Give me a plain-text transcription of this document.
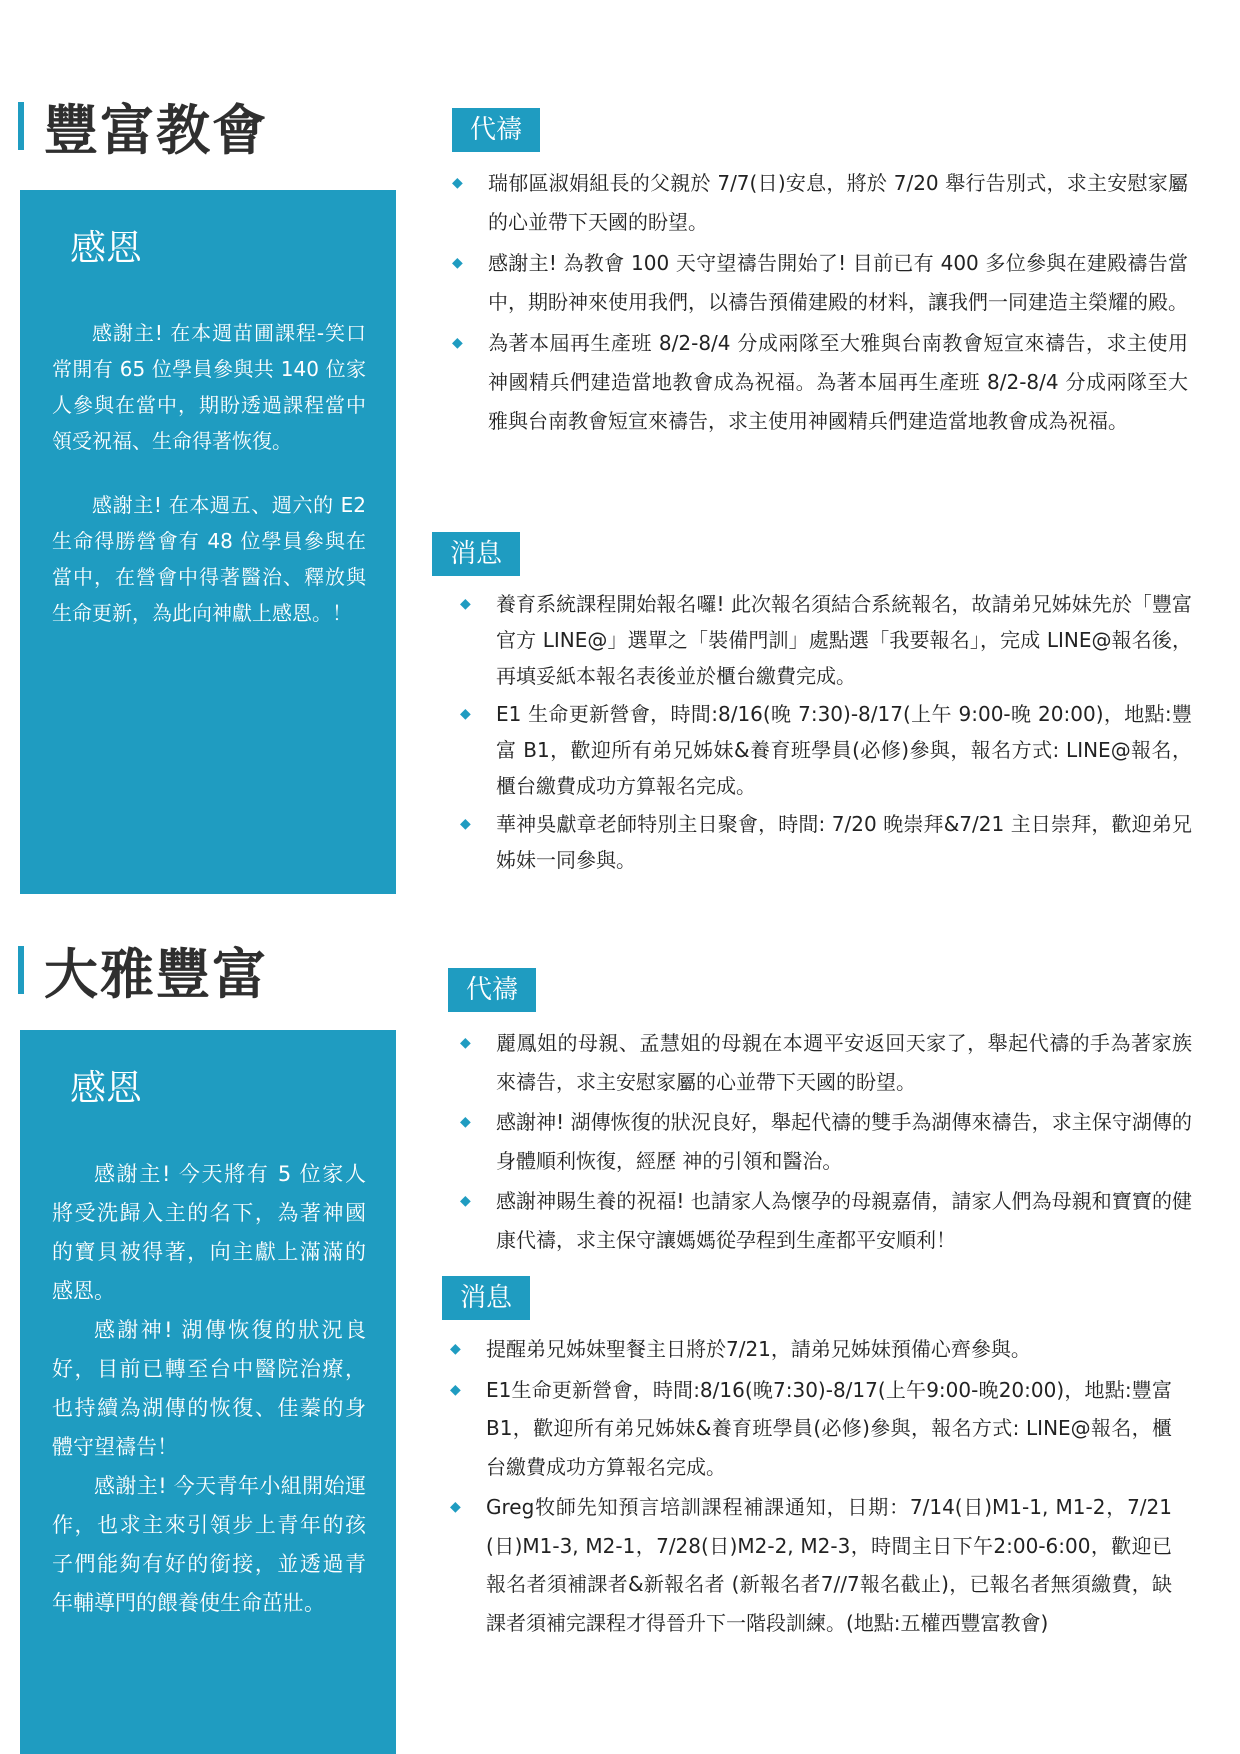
豐富教會
感恩

感謝主! 在本週苗圃課程-笑口常開有 65 位學員參與共 140 位家人參與在當中，期盼透過課程當中領受祝福、生命得著恢復。

感謝主! 在本週五、週六的 E2 生命得勝營會有 48 位學員參與在當中，在營會中得著醫治、釋放與生命更新，為此向神獻上感恩。！

代禱
◆ 瑞郁區淑娟組長的父親於 7/7(日)安息，將於 7/20 舉行告別式，求主安慰家屬的心並帶下天國的盼望。
◆ 感謝主! 為教會 100 天守望禱告開始了! 目前已有 400 多位參與在建殿禱告當中，期盼神來使用我們，以禱告預備建殿的材料，讓我們一同建造主榮耀的殿。
◆ 為著本屆再生產班 8/2-8/4 分成兩隊至大雅與台南教會短宣來禱告，求主使用神國精兵們建造當地教會成為祝福。為著本屆再生產班 8/2-8/4 分成兩隊至大雅與台南教會短宣來禱告，求主使用神國精兵們建造當地教會成為祝福。
消息
◆ 養育系統課程開始報名囉! 此次報名須結合系統報名，故請弟兄姊妹先於「豐富官方 LINE@」選單之「裝備門訓」處點選「我要報名」，完成 LINE@報名後，再填妥紙本報名表後並於櫃台繳費完成。
◆ E1 生命更新營會，時間:8/16(晚 7:30)-8/17(上午 9:00-晚 20:00)，地點:豐富 B1，歡迎所有弟兄姊妹&養育班學員(必修)參與，報名方式: LINE@報名，櫃台繳費成功方算報名完成。
◆ 華神吳獻章老師特別主日聚會，時間: 7/20 晚崇拜&7/21 主日崇拜，歡迎弟兄姊妹一同參與。
大雅豐富
感恩

感謝主! 今天將有 5 位家人將受洗歸入主的名下，為著神國的寶貝被得著，向主獻上滿滿的感恩。

感謝神! 湖傳恢復的狀況良好，目前已轉至台中醫院治療，也持續為湖傳的恢復、佳蓁的身體守望禱告！

感謝主! 今天青年小組開始運作，也求主來引領步上青年的孩子們能夠有好的銜接，並透過青年輔導門的餵養使生命茁壯。

代禱
◆ 麗鳳姐的母親、孟慧姐的母親在本週平安返回天家了，舉起代禱的手為著家族來禱告，求主安慰家屬的心並帶下天國的盼望。
◆ 感謝神! 湖傳恢復的狀況良好，舉起代禱的雙手為湖傳來禱告，求主保守湖傳的身體順利恢復，經歷 神的引領和醫治。
◆ 感謝神賜生養的祝福! 也請家人為懷孕的母親嘉倩，請家人們為母親和寶寶的健康代禱，求主保守讓媽媽從孕程到生產都平安順利！
消息
◆ 提醒弟兄姊妹聖餐主日將於7/21，請弟兄姊妹預備心齊參與。
◆ E1生命更新營會，時間:8/16(晚7:30)-8/17(上午9:00-晚20:00)，地點:豐富B1，歡迎所有弟兄姊妹&養育班學員(必修)參與，報名方式: LINE@報名，櫃台繳費成功方算報名完成。
◆ Greg牧師先知預言培訓課程補課通知，日期：7/14(日)M1-1, M1-2，7/21(日)M1-3, M2-1，7/28(日)M2-2, M2-3，時間主日下午2:00-6:00，歡迎已報名者須補課者&新報名者 (新報名者7//7報名截止)，已報名者無須繳費，缺課者須補完課程才得晉升下一階段訓練。(地點:五權西豐富教會)
